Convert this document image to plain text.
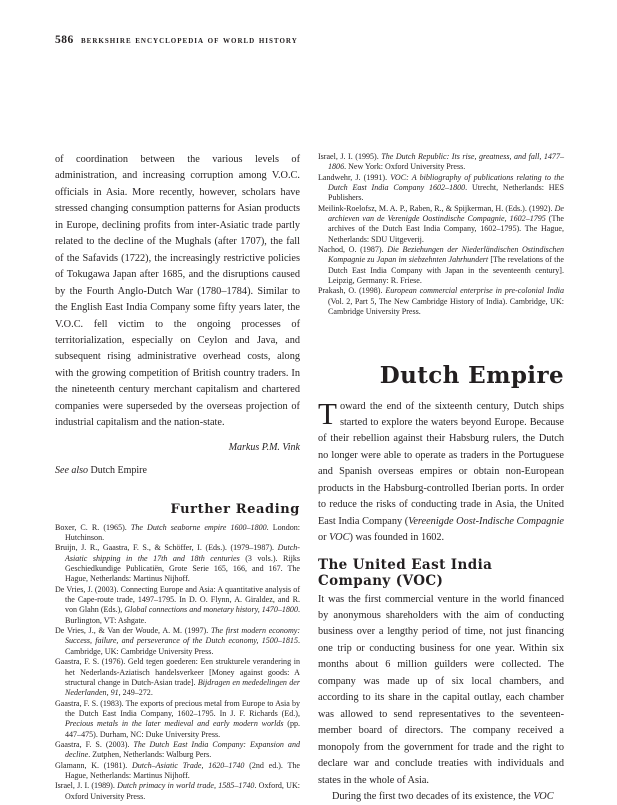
586 berkshire encyclopedia of world history

of coordination between the various levels of administration, and increasing corruption among V.O.C. officials in Asia. More recently, however, scholars have stressed changing consumption patterns for Asian products in Europe, declining profits from inter-Asiatic trade partly related to the decline of the Mughals (after 1707), the fall of the Safavids (1722), the increasingly restrictive policies of Tokugawa Japan after 1685, and the disruptions caused by the Fourth Anglo-Dutch War (1780–1784). Similar to the English East India Company some fifty years later, the V.O.C. fell victim to the ongoing processes of territorialization, especially on Ceylon and Java, and subsequent rising administrative overhead costs, along with the growing competition of British country traders. In the nineteenth century merchant capitalism and chartered companies were superseded by the overseas projection of industrial capitalism and the nation-state.

Markus P.M. Vink

See also Dutch Empire

Further Reading
Boxer, C. R. (1965). The Dutch seaborne empire 1600–1800. London: Hutchinson.
Bruijn, J. R., Gaastra, F. S., & Schöffer, I. (Eds.). (1979–1987). Dutch-Asiatic shipping in the 17th and 18th centuries (3 vols.). Rijks Geschiedkundige Publicatiën, Grote Serie 165, 166, and 167. The Hague, Netherlands: Martinus Nijhoff.
De Vries, J. (2003). Connecting Europe and Asia: A quantitative analysis of the Cape-route trade, 1497–1795. In D. O. Flynn, A. Giraldez, and R. von Glahn (Eds.), Global connections and monetary history, 1470–1800. Burlington, VT: Ashgate.
De Vries, J., & Van der Woude, A. M. (1997). The first modern economy: Success, failure, and perseverance of the Dutch economy, 1500–1815. Cambridge, UK: Cambridge University Press.
Gaastra, F. S. (1976). Geld tegen goederen: Een strukturele verandering in het Nederlands-Aziatisch handelsverkeer [Money against goods: A structural change in Dutch-Asian trade]. Bijdragen en mededelingen der Nederlanden, 91, 249–272.
Gaastra, F. S. (1983). The exports of precious metal from Europe to Asia by the Dutch East India Company, 1602–1795. In J. F. Richards (Ed.), Precious metals in the later medieval and early modern worlds (pp. 447–475). Durham, NC: Duke University Press.
Gaastra, F. S. (2003). The Dutch East India Company: Expansion and decline. Zutphen, Netherlands: Walburg Pers.
Glamann, K. (1981). Dutch–Asiatic Trade, 1620–1740 (2nd ed.). The Hague, Netherlands: Martinus Nijhoff.
Israel, J. I. (1989). Dutch primacy in world trade, 1585–1740. Oxford, UK: Oxford University Press.
Israel, J. I. (1995). The Dutch Republic: Its rise, greatness, and fall, 1477–1806. New York: Oxford University Press.
Landwehr, J. (1991). VOC: A bibliography of publications relating to the Dutch East India Company 1602–1800. Utrecht, Netherlands: HES Publishers.
Meilink-Roelofsz, M. A. P., Raben, R., & Spijkerman, H. (Eds.). (1992). De archieven van de Verenigde Oostindische Compagnie, 1602–1795 (The archives of the Dutch East India Company, 1602–1795). The Hague, Netherlands: SDU Uitgeverij.
Nachod, O. (1987). Die Beziehungen der Niederländischen Ostindischen Kompagnie zu Japan im siebzehnten Jahrhundert [The revelations of the Dutch East India Company with Japan in the seventeenth century]. Leipzig, Germany: R. Friese.
Prakash, O. (1998). European commercial enterprise in pre-colonial India (Vol. 2, Part 5, The New Cambridge History of India). Cambridge, UK: Cambridge University Press.
Dutch Empire

Toward the end of the sixteenth century, Dutch ships started to explore the waters beyond Europe. Because of their rebellion against their Habsburg rulers, the Dutch no longer were able to operate as traders in the Portuguese and Spanish overseas empires or obtain non-European products in the Habsburg-controlled Iberian ports. In order to reduce the risks of conducting trade in Asia, the United East India Company (Vereenigde Oost-Indische Compagnie or VOC) was founded in 1602.

The United East India Company (VOC)

It was the first commercial venture in the world financed by anonymous shareholders with the aim of conducting business over a lengthy period of time, not just financing one trip or conducting business for one year. Within six months about 6 million guilders were collected. The company was made up of six local chambers, and according to its share in the capital outlay, each chamber was allowed to send representatives to the seventeen-member board of directors. The company received a monopoly from the government for trade and the right to declare war and conclude treaties with individuals and states in the whole of Asia.

During the first two decades of its existence, the VOC
